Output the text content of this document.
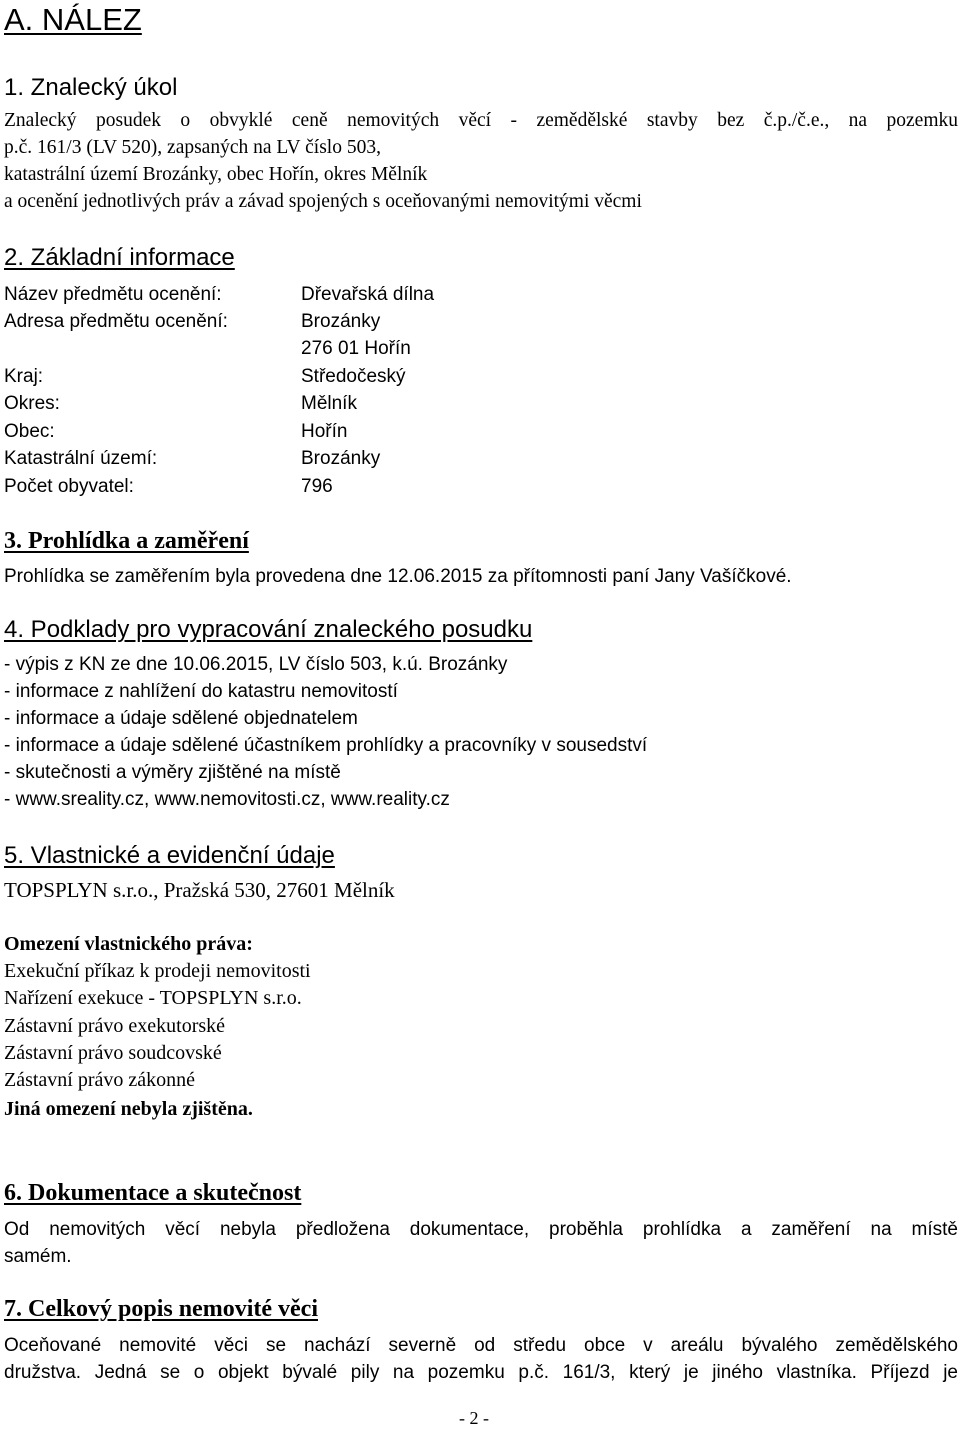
A. NÁLEZ
1. Znalecký úkol
Znalecký posudek o obvyklé ceně nemovitých věcí - zemědělské stavby bez č.p./č.e., na pozemku
p.č. 161/3 (LV 520), zapsaných na LV číslo 503,
katastrální území Brozánky, obec Hořín, okres Mělník
a ocenění jednotlivých práv a závad spojených s oceňovanými nemovitými věcmi
2. Základní informace
Název předmětu ocenění:	Dřevařská dílna
Adresa předmětu ocenění:	Brozánky
276 01 Hořín
Kraj:	Středočeský
Okres:	Mělník
Obec:	Hořín
Katastrální území:	Brozánky
Počet obyvatel:	796
3. Prohlídka a zaměření
Prohlídka se zaměřením byla provedena dne 12.06.2015 za přítomnosti paní Jany Vašíčkové.
4. Podklady pro vypracování znaleckého posudku
- výpis z KN ze dne 10.06.2015, LV číslo 503, k.ú. Brozánky
- informace z nahlížení do katastru nemovitostí
- informace a údaje sdělené objednatelem
- informace a údaje sdělené účastníkem prohlídky a pracovníky v sousedství
- skutečnosti a výměry zjištěné na místě
- www.sreality.cz, www.nemovitosti.cz, www.reality.cz
5. Vlastnické a evidenční údaje
TOPSPLYN s.r.o., Pražská 530, 27601 Mělník
Omezení vlastnického práva:
Exekuční příkaz k prodeji nemovitosti
Nařízení exekuce - TOPSPLYN s.r.o.
Zástavní právo exekutorské
Zástavní právo soudcovské
Zástavní právo zákonné
Jiná omezení nebyla zjištěna.
6. Dokumentace a skutečnost
Od nemovitých věcí nebyla předložena dokumentace, proběhla prohlídka a zaměření na místě
samém.
7. Celkový popis nemovité věci
Oceňované nemovité věci se nachází severně od středu obce v areálu bývalého zemědělského
družstva. Jedná se o objekt bývalé pily na pozemku p.č. 161/3, který je jiného vlastníka. Příjezd je
- 2 -
